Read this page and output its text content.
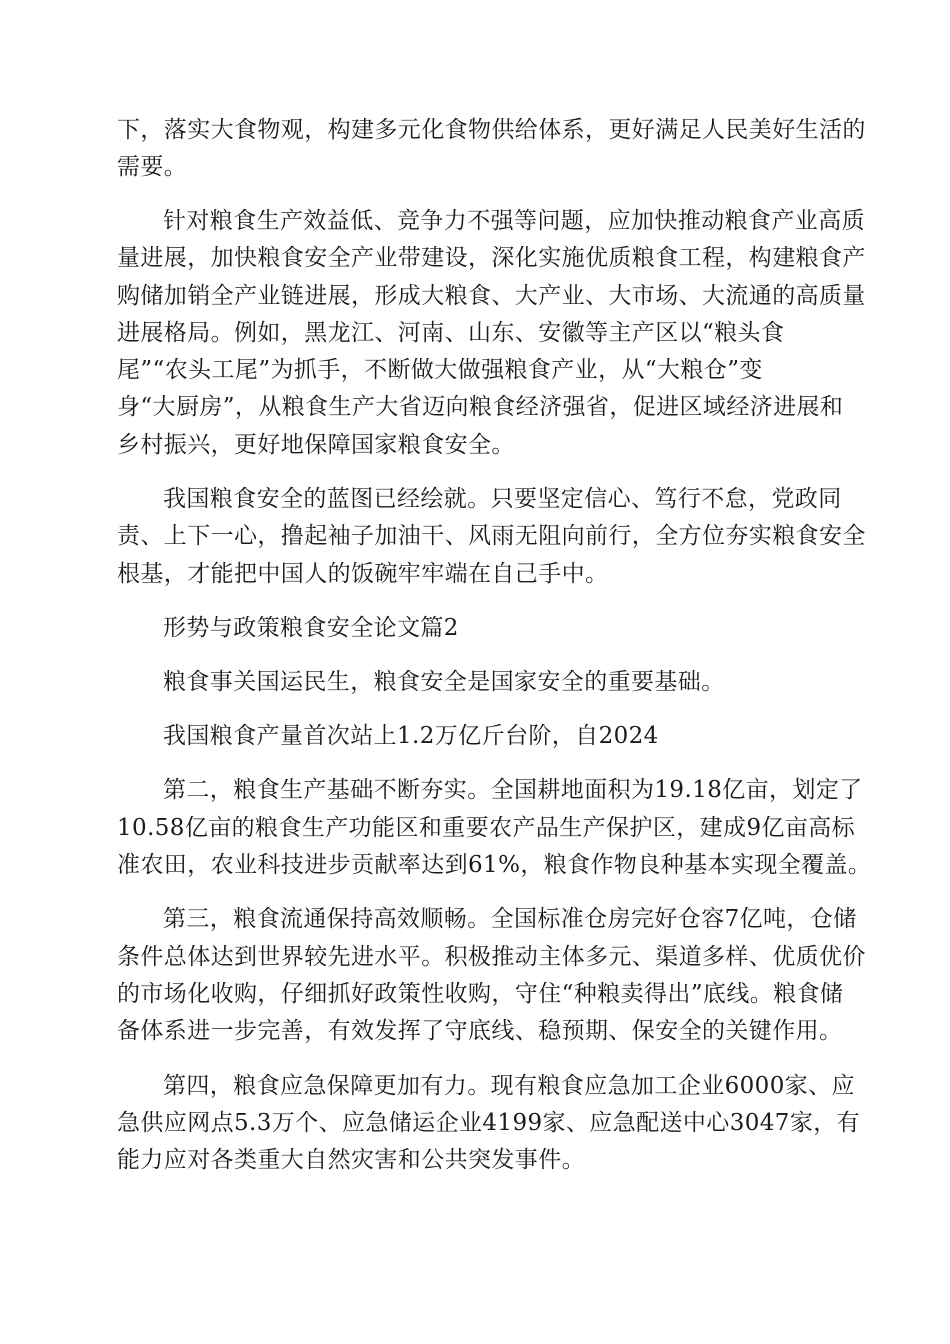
下，落实大食物观，构建多元化食物供给体系，更好满足人民美好生活的
需要。
针对粮食生产效益低、竞争力不强等问题，应加快推动粮食产业高质
量进展，加快粮食安全产业带建设，深化实施优质粮食工程，构建粮食产
购储加销全产业链进展，形成大粮食、大产业、大市场、大流通的高质量
进展格局。例如，黑龙江、河南、山东、安徽等主产区以“粮头食
尾”“农头工尾”为抓手，不断做大做强粮食产业，从“大粮仓”变
身“大厨房”，从粮食生产大省迈向粮食经济强省，促进区域经济进展和
乡村振兴，更好地保障国家粮食安全。
我国粮食安全的蓝图已经绘就。只要坚定信心、笃行不怠，党政同
责、上下一心，撸起袖子加油干、风雨无阻向前行，全方位夯实粮食安全
根基，才能把中国人的饭碗牢牢端在自己手中。
形势与政策粮食安全论文篇2
粮食事关国运民生，粮食安全是国家安全的重要基础。
我国粮食产量首次站上1.2万亿斤台阶，自2024
第二，粮食生产基础不断夯实。全国耕地面积为19.18亿亩，划定了
10.58亿亩的粮食生产功能区和重要农产品生产保护区，建成9亿亩高标
准农田，农业科技进步贡献率达到61%，粮食作物良种基本实现全覆盖。
第三，粮食流通保持高效顺畅。全国标准仓房完好仓容7亿吨，仓储
条件总体达到世界较先进水平。积极推动主体多元、渠道多样、优质优价
的市场化收购，仔细抓好政策性收购，守住“种粮卖得出”底线。粮食储
备体系进一步完善，有效发挥了守底线、稳预期、保安全的关键作用。
第四，粮食应急保障更加有力。现有粮食应急加工企业6000家、应
急供应网点5.3万个、应急储运企业4199家、应急配送中心3047家，有
能力应对各类重大自然灾害和公共突发事件。
